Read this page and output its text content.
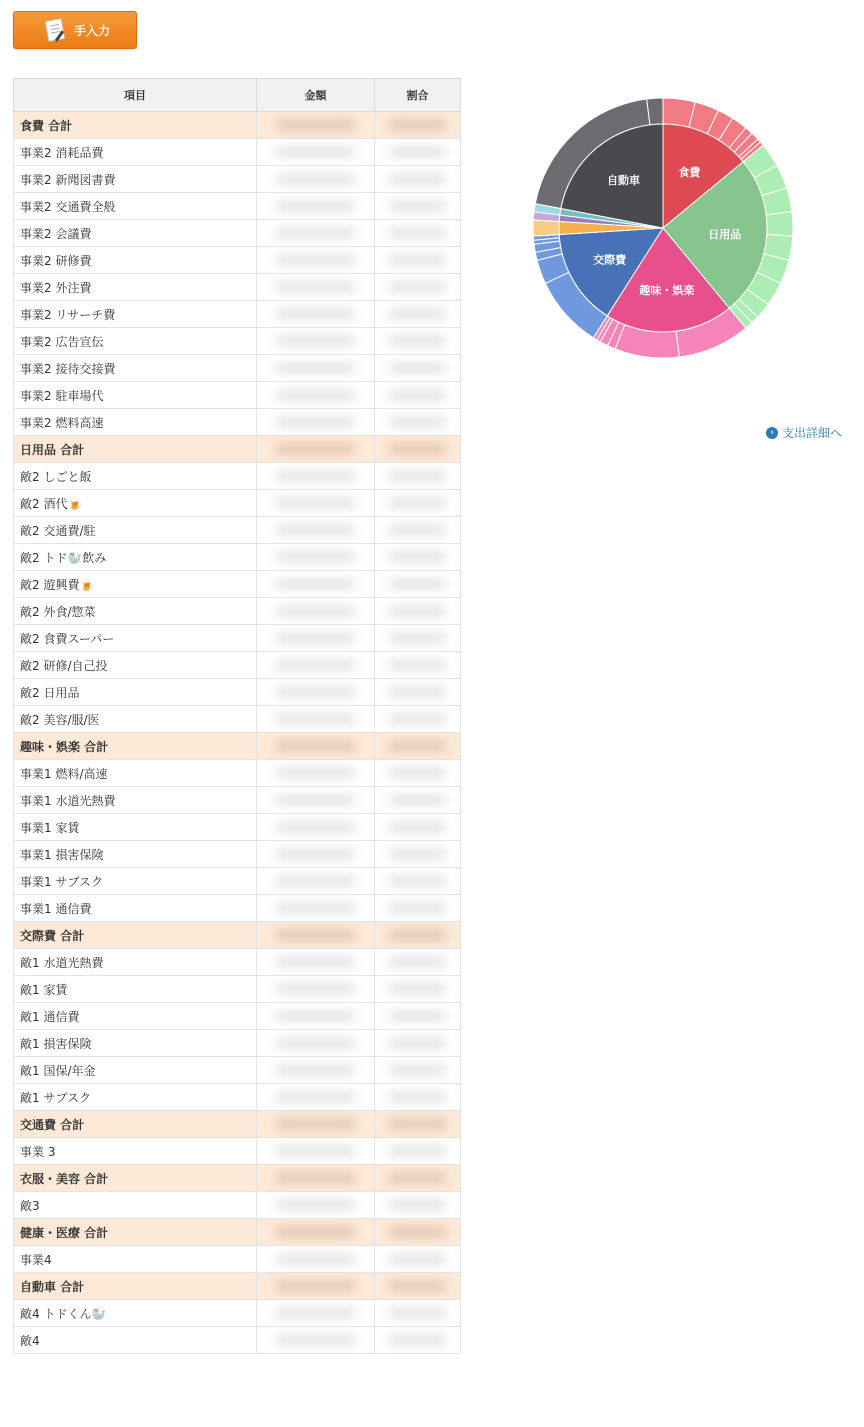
手入力
項目	金額	割合
食費 合計	

事業2 消耗品費	

事業2 新聞図書費	

事業2 交通費全般	

事業2 会議費	

事業2 研修費	

事業2 外注費	

事業2 リサーチ費	

事業2 広告宣伝	

事業2 接待交接費	

事業2 駐車場代	

事業2 燃料高速	

日用品 合計	

敵2 しごと飯	

敵2 酒代🍺	

敵2 交通費/駐	

敵2 トド🦭飲み	

敵2 遊興費🍺	

敵2 外食/惣菜	

敵2 食費スーパー	

敵2 研修/自己投	

敵2 日用品	

敵2 美容/服/医	

趣味・娯楽 合計	

事業1 燃料/高速	

事業1 水道光熱費	

事業1 家賃	

事業1 損害保険	

事業1 サブスク	

事業1 通信費	

交際費 合計	

敵1 水道光熱費	

敵1 家賃	

敵1 通信費	

敵1 損害保険	

敵1 国保/年金	

敵1 サブスク	

交通費 合計	

事業 3	

衣服・美容 合計	

敵3	

健康・医療 合計	

事業4	

自動車 合計	

敵4 トドくん🦭	

敵4	

食費
日用品
趣味・娯楽
交際費
自動車
› 支出詳細へ
